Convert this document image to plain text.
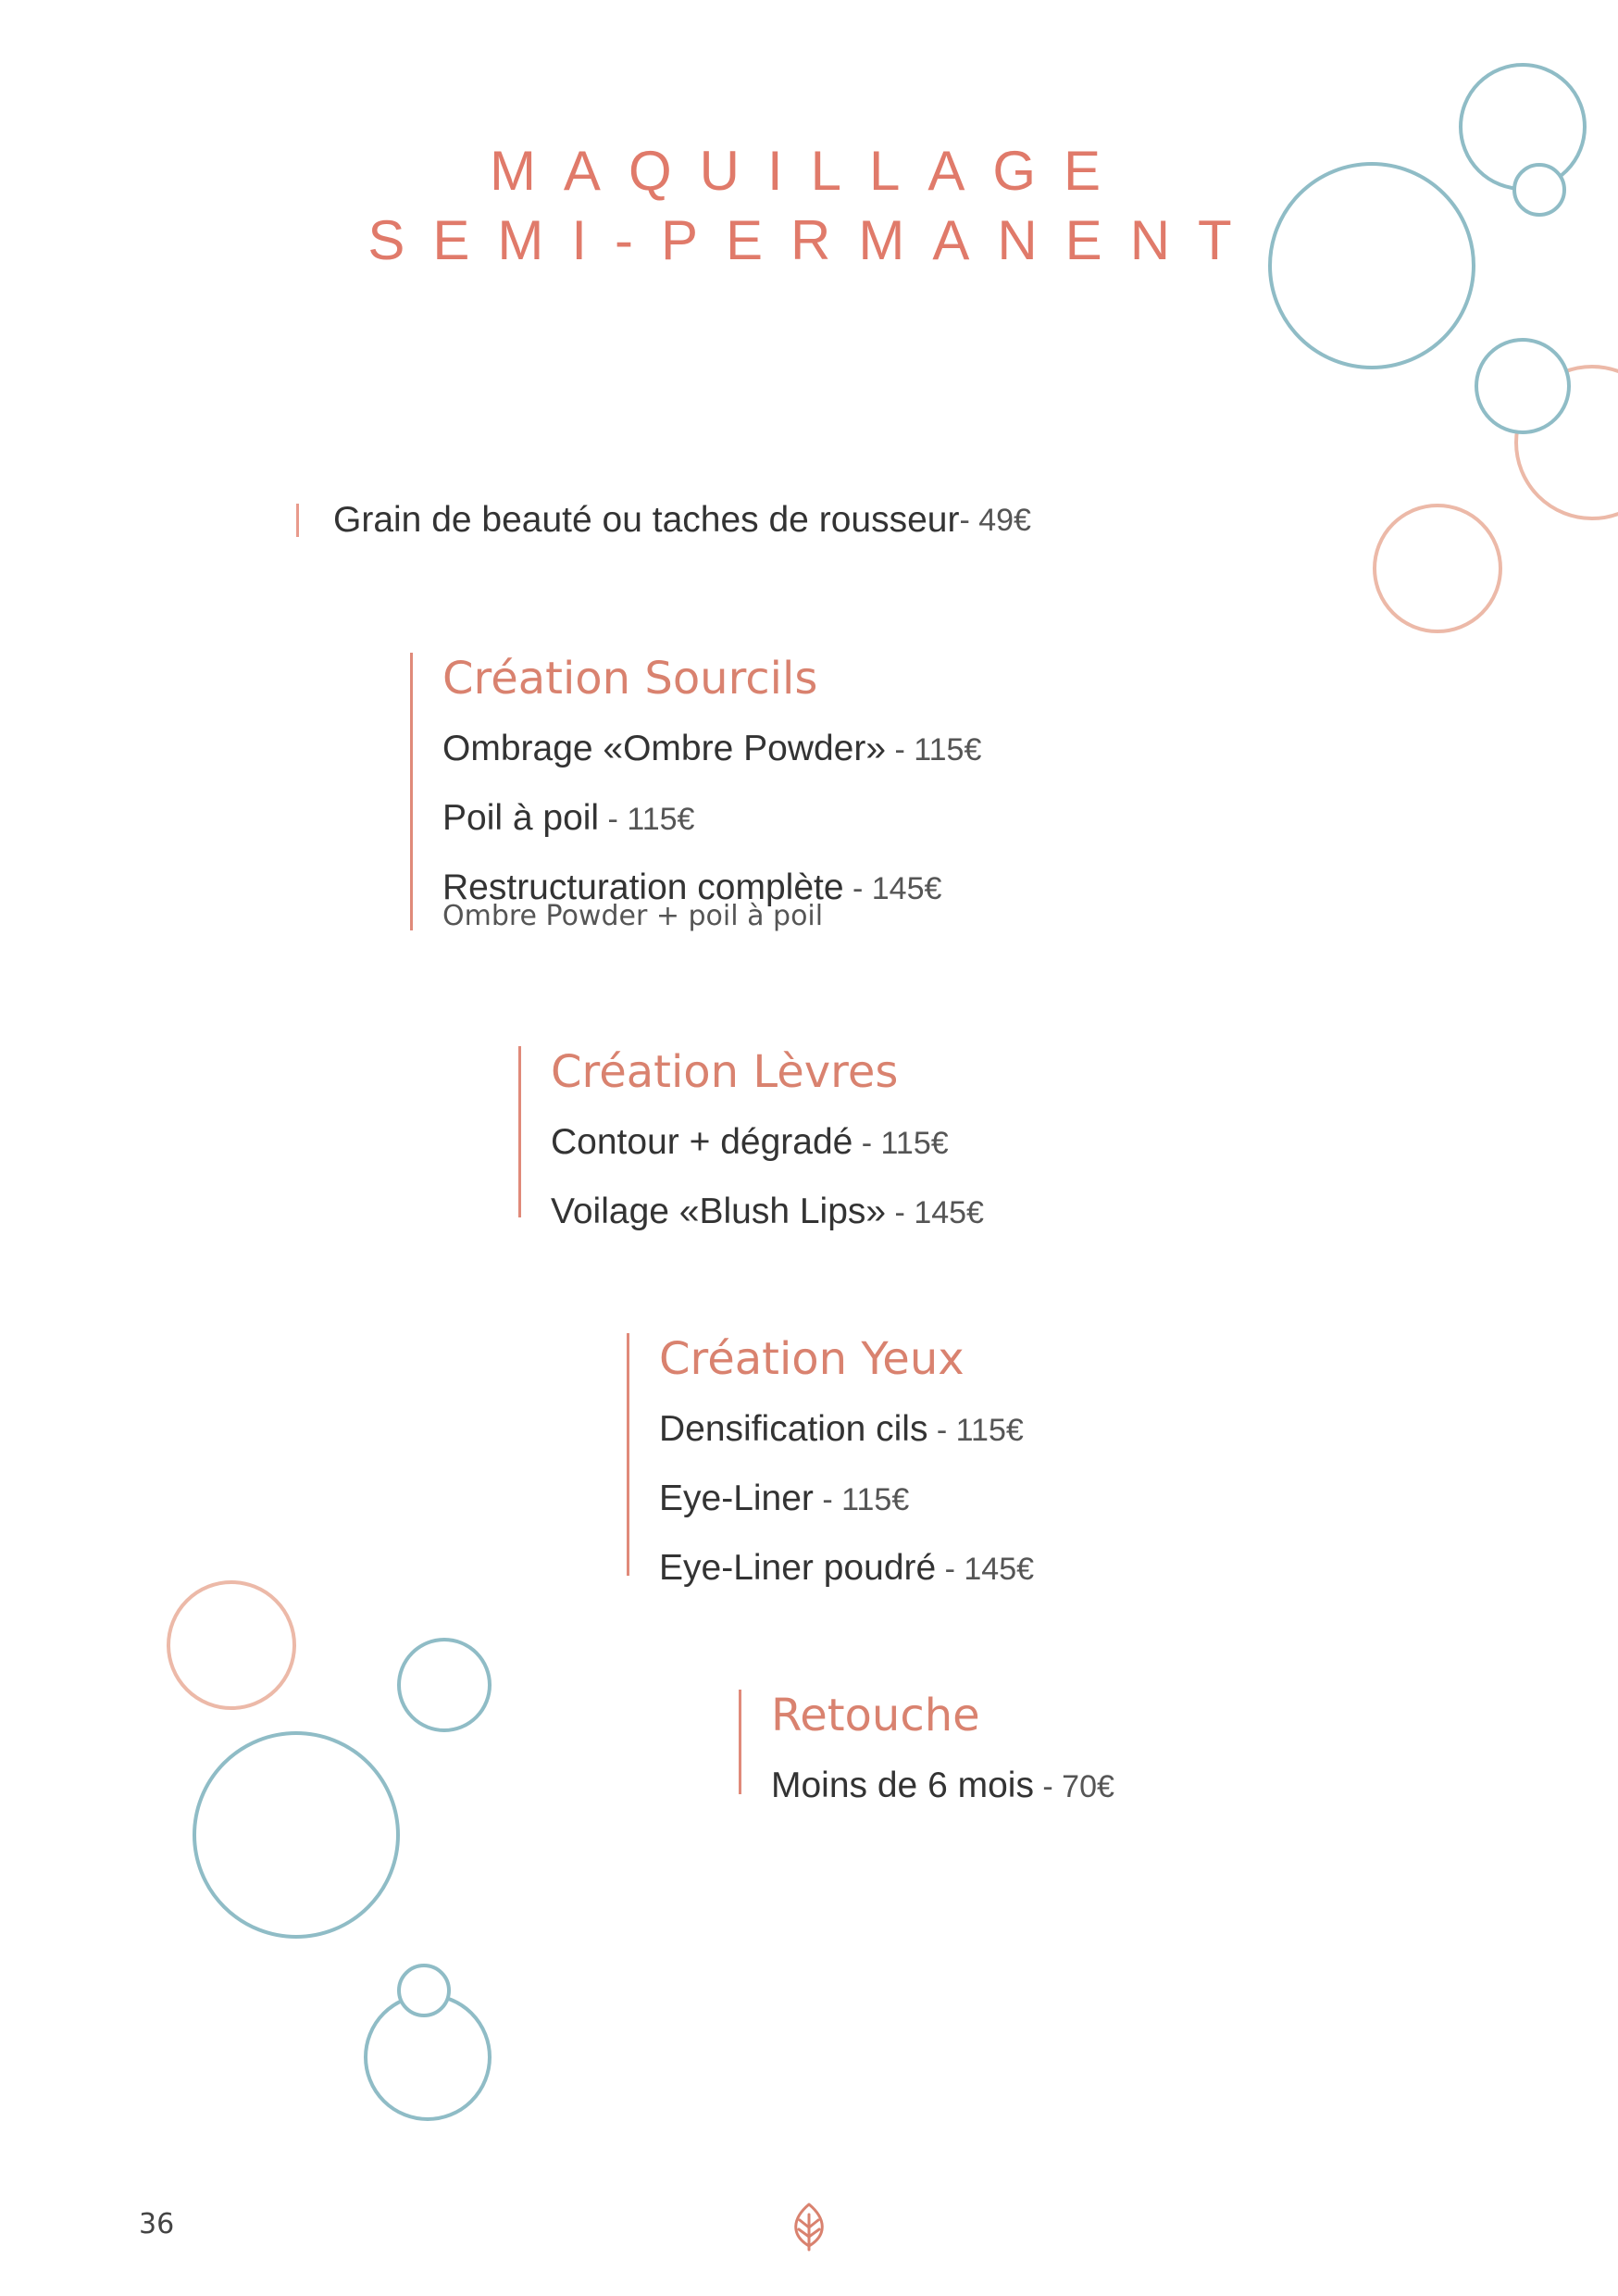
MAQUILLAGE
SEMI-PERMANENT
Grain de beauté ou taches de rousseur - 49€
Création Sourcils
Ombrage «Ombre Powder» - 115€
Poil à poil - 115€
Restructuration complète - 145€
Ombre Powder + poil à poil
Création Lèvres
Contour + dégradé - 115€
Voilage «Blush Lips» - 145€
Création Yeux
Densification cils - 115€
Eye-Liner - 115€
Eye-Liner poudré - 145€
Retouche
Moins de 6 mois - 70€
36
